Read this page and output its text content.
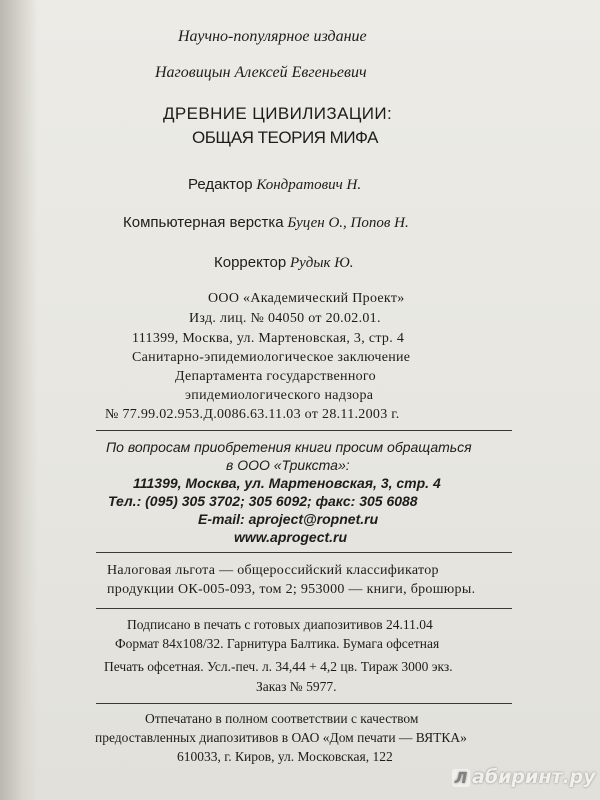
Научно-популярное издание
Наговицын Алексей Евгеньевич
ДРЕВНИЕ ЦИВИЛИЗАЦИИ:
ОБЩАЯ ТЕОРИЯ МИФА
Редактор Кондратович Н.
Компьютерная верстка Буцен О., Попов Н.
Корректор Рудык Ю.
ООО «Академический Проект»
Изд. лиц. № 04050 от 20.02.01.
111399, Москва, ул. Мартеновская, 3, стр. 4
Санитарно-эпидемиологическое заключение
Департамента государственного
эпидемиологического надзора
№ 77.99.02.953.Д.0086.63.11.03 от 28.11.2003 г.
По вопросам приобретения книги просим обращаться
в ООО «Трикста»:
111399, Москва, ул. Мартеновская, 3, стр. 4
Тел.: (095) 305 3702; 305 6092; факс: 305 6088
E-mail: aproject@ropnet.ru
www.aprogect.ru
Налоговая льгота — общероссийский классификатор
продукции ОК-005-093, том 2; 953000 — книги, брошюры.
Подписано в печать с готовых диапозитивов 24.11.04
Формат 84х108/32. Гарнитура Балтика. Бумага офсетная
Печать офсетная. Усл.-печ. л. 34,44 + 4,2 цв. Тираж 3000 экз.
Заказ № 5977.
Отпечатано в полном соответствии с качеством
предоставленных диапозитивов в ОАО «Дом печати — ВЯТКА»
610033, г. Киров, ул. Московская, 122
Л абиринт.ру
